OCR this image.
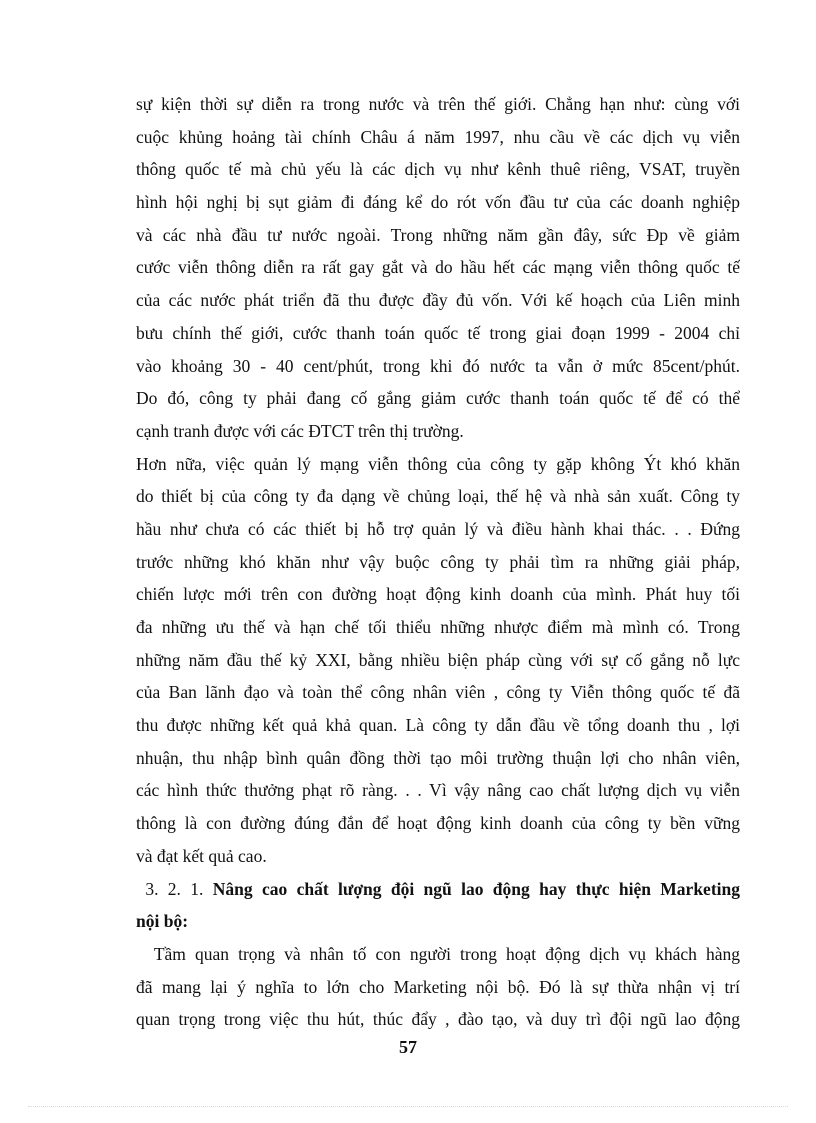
sự kiện thời sự diễn ra trong nước và trên thế giới. Chẳng hạn như: cùng với
cuộc khủng hoảng tài chính Châu á năm 1997, nhu cầu về các dịch vụ viễn
thông quốc tế mà chủ yếu là các dịch vụ như kênh thuê riêng, VSAT, truyền
hình hội nghị bị sụt giảm đi đáng kể do rót vốn đầu tư của các doanh nghiệp
và các nhà đầu tư nước ngoài. Trong những năm gần đây, sức Ðp về giảm
cước viễn thông diễn ra rất gay gắt và do hầu hết các mạng viễn thông quốc tế
của các nước phát triển đã thu được đầy đủ vốn. Với kế hoạch của Liên minh
bưu chính thế giới, cước thanh toán quốc tế trong giai đoạn 1999 - 2004 chỉ
vào khoảng 30 - 40 cent/phút, trong khi đó nước ta vẫn ở mức 85cent/phút.
Do đó, công ty phải đang cố gắng giảm cước thanh toán quốc tế để có thể
cạnh tranh được với các ĐTCT trên thị trường.
Hơn nữa, việc quản lý mạng viễn thông của công ty gặp không Ýt khó khăn
do thiết bị của công ty đa dạng về chủng loại, thế hệ và nhà sản xuất. Công ty
hầu như chưa có các thiết bị hỗ trợ quản lý và điều hành khai thác. . . Đứng
trước những khó khăn như vậy buộc công ty phải tìm ra những giải pháp,
chiến lược mới trên con đường hoạt động kinh doanh của mình. Phát huy tối
đa những ưu thế và hạn chế tối thiểu những nhược điểm mà mình có. Trong
những năm đầu thế kỷ XXI, bằng nhiều biện pháp cùng với sự cố gắng nỗ lực
của Ban lãnh đạo và toàn thể công nhân viên , công ty Viễn thông quốc tế đã
thu được những kết quả khả quan. Là công ty dẫn đầu về tổng doanh thu , lợi
nhuận, thu nhập bình quân đồng thời tạo môi trường thuận lợi cho nhân viên,
các hình thức thưởng phạt rõ ràng. . . Vì vậy nâng cao chất lượng dịch vụ viễn
thông là con đường đúng đắn để hoạt động kinh doanh của công ty bền vững
và đạt kết quả cao.
3. 2. 1. Nâng cao chất lượng đội ngũ lao động hay thực hiện Marketing
nội bộ:
Tầm quan trọng và nhân tố con người trong hoạt động dịch vụ khách hàng
đã mang lại ý nghĩa to lớn cho Marketing nội bộ. Đó là sự thừa nhận vị trí
quan trọng trong việc thu hút, thúc đẩy , đào tạo, và duy trì đội ngũ lao động
57
